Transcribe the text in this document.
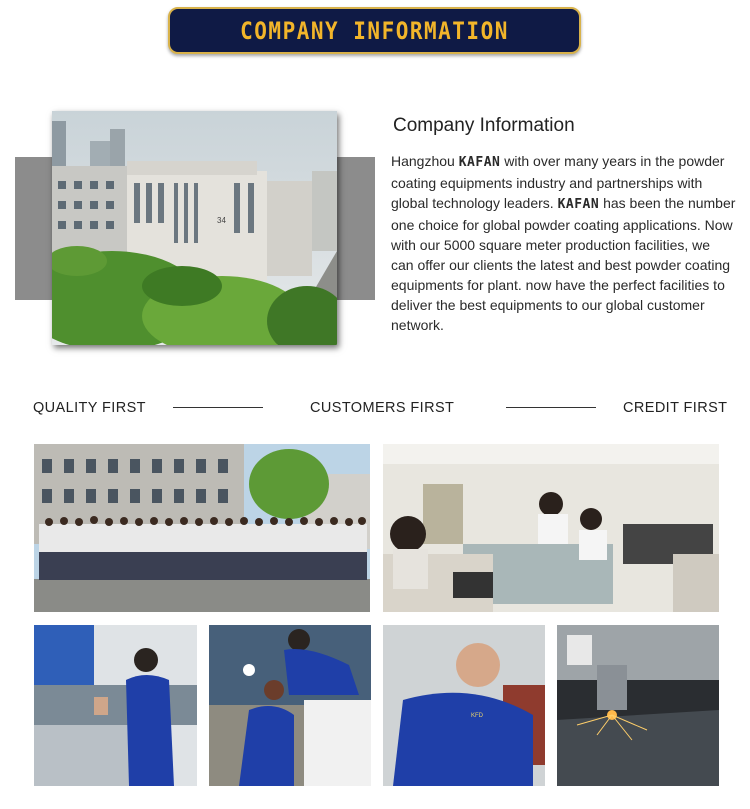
COMPANY INFORMATION
34
Company Information

Hangzhou KAFAN with over many years in the powder coating equipments industry and partnerships with global technology leaders. KAFAN has been the number one choice for global powder coating applications. Now with our 5000 square meter production facilities, we can offer our clients the latest and best powder coating equipments for plant. now have the perfect facilities to deliver the best equipments to our global customer network.

QUALITY FIRST	CUSTOMERS FIRST	CREDIT FIRST
KFD
